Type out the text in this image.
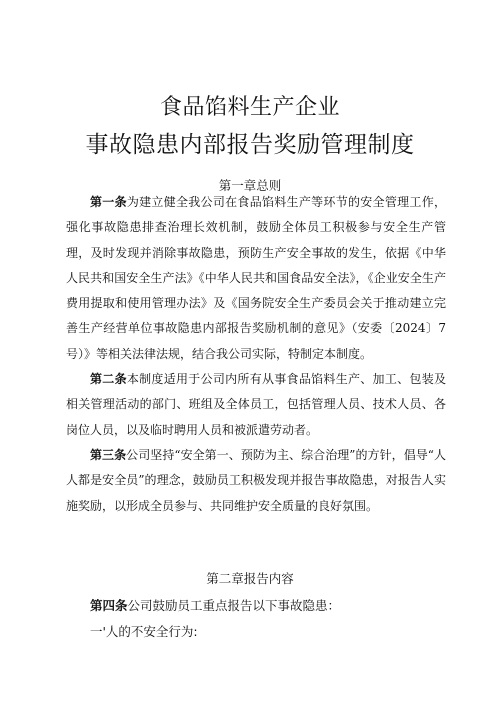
食品馅料生产企业
事故隐患内部报告奖励管理制度
第一章总则
第一条为建立健全我公司在食品馅料生产等环节的安全管理工作，强化事故隐患排查治理长效机制，鼓励全体员工积极参与安全生产管理，及时发现并消除事故隐患，预防生产安全事故的发生，依据《中华人民共和国安全生产法》《中华人民共和国食品安全法》，《企业安全生产费用提取和使用管理办法》及《国务院安全生产委员会关于推动建立完善生产经营单位事故隐患内部报告奖励机制的意见》（安委〔2024〕7号）》等相关法律法规，结合我公司实际，特制定本制度。
第二条本制度适用于公司内所有从事食品馅料生产、加工、包装及相关管理活动的部门、班组及全体员工，包括管理人员、技术人员、各岗位人员，以及临时聘用人员和被派遣劳动者。
第三条公司坚持“安全第一、预防为主、综合治理”的方针，倡导“人人都是安全员”的理念，鼓励员工积极发现并报告事故隐患，对报告人实施奖励，以形成全员参与、共同维护安全质量的良好氛围。
第二章报告内容
第四条公司鼓励员工重点报告以下事故隐患：
一'人的不安全行为:
